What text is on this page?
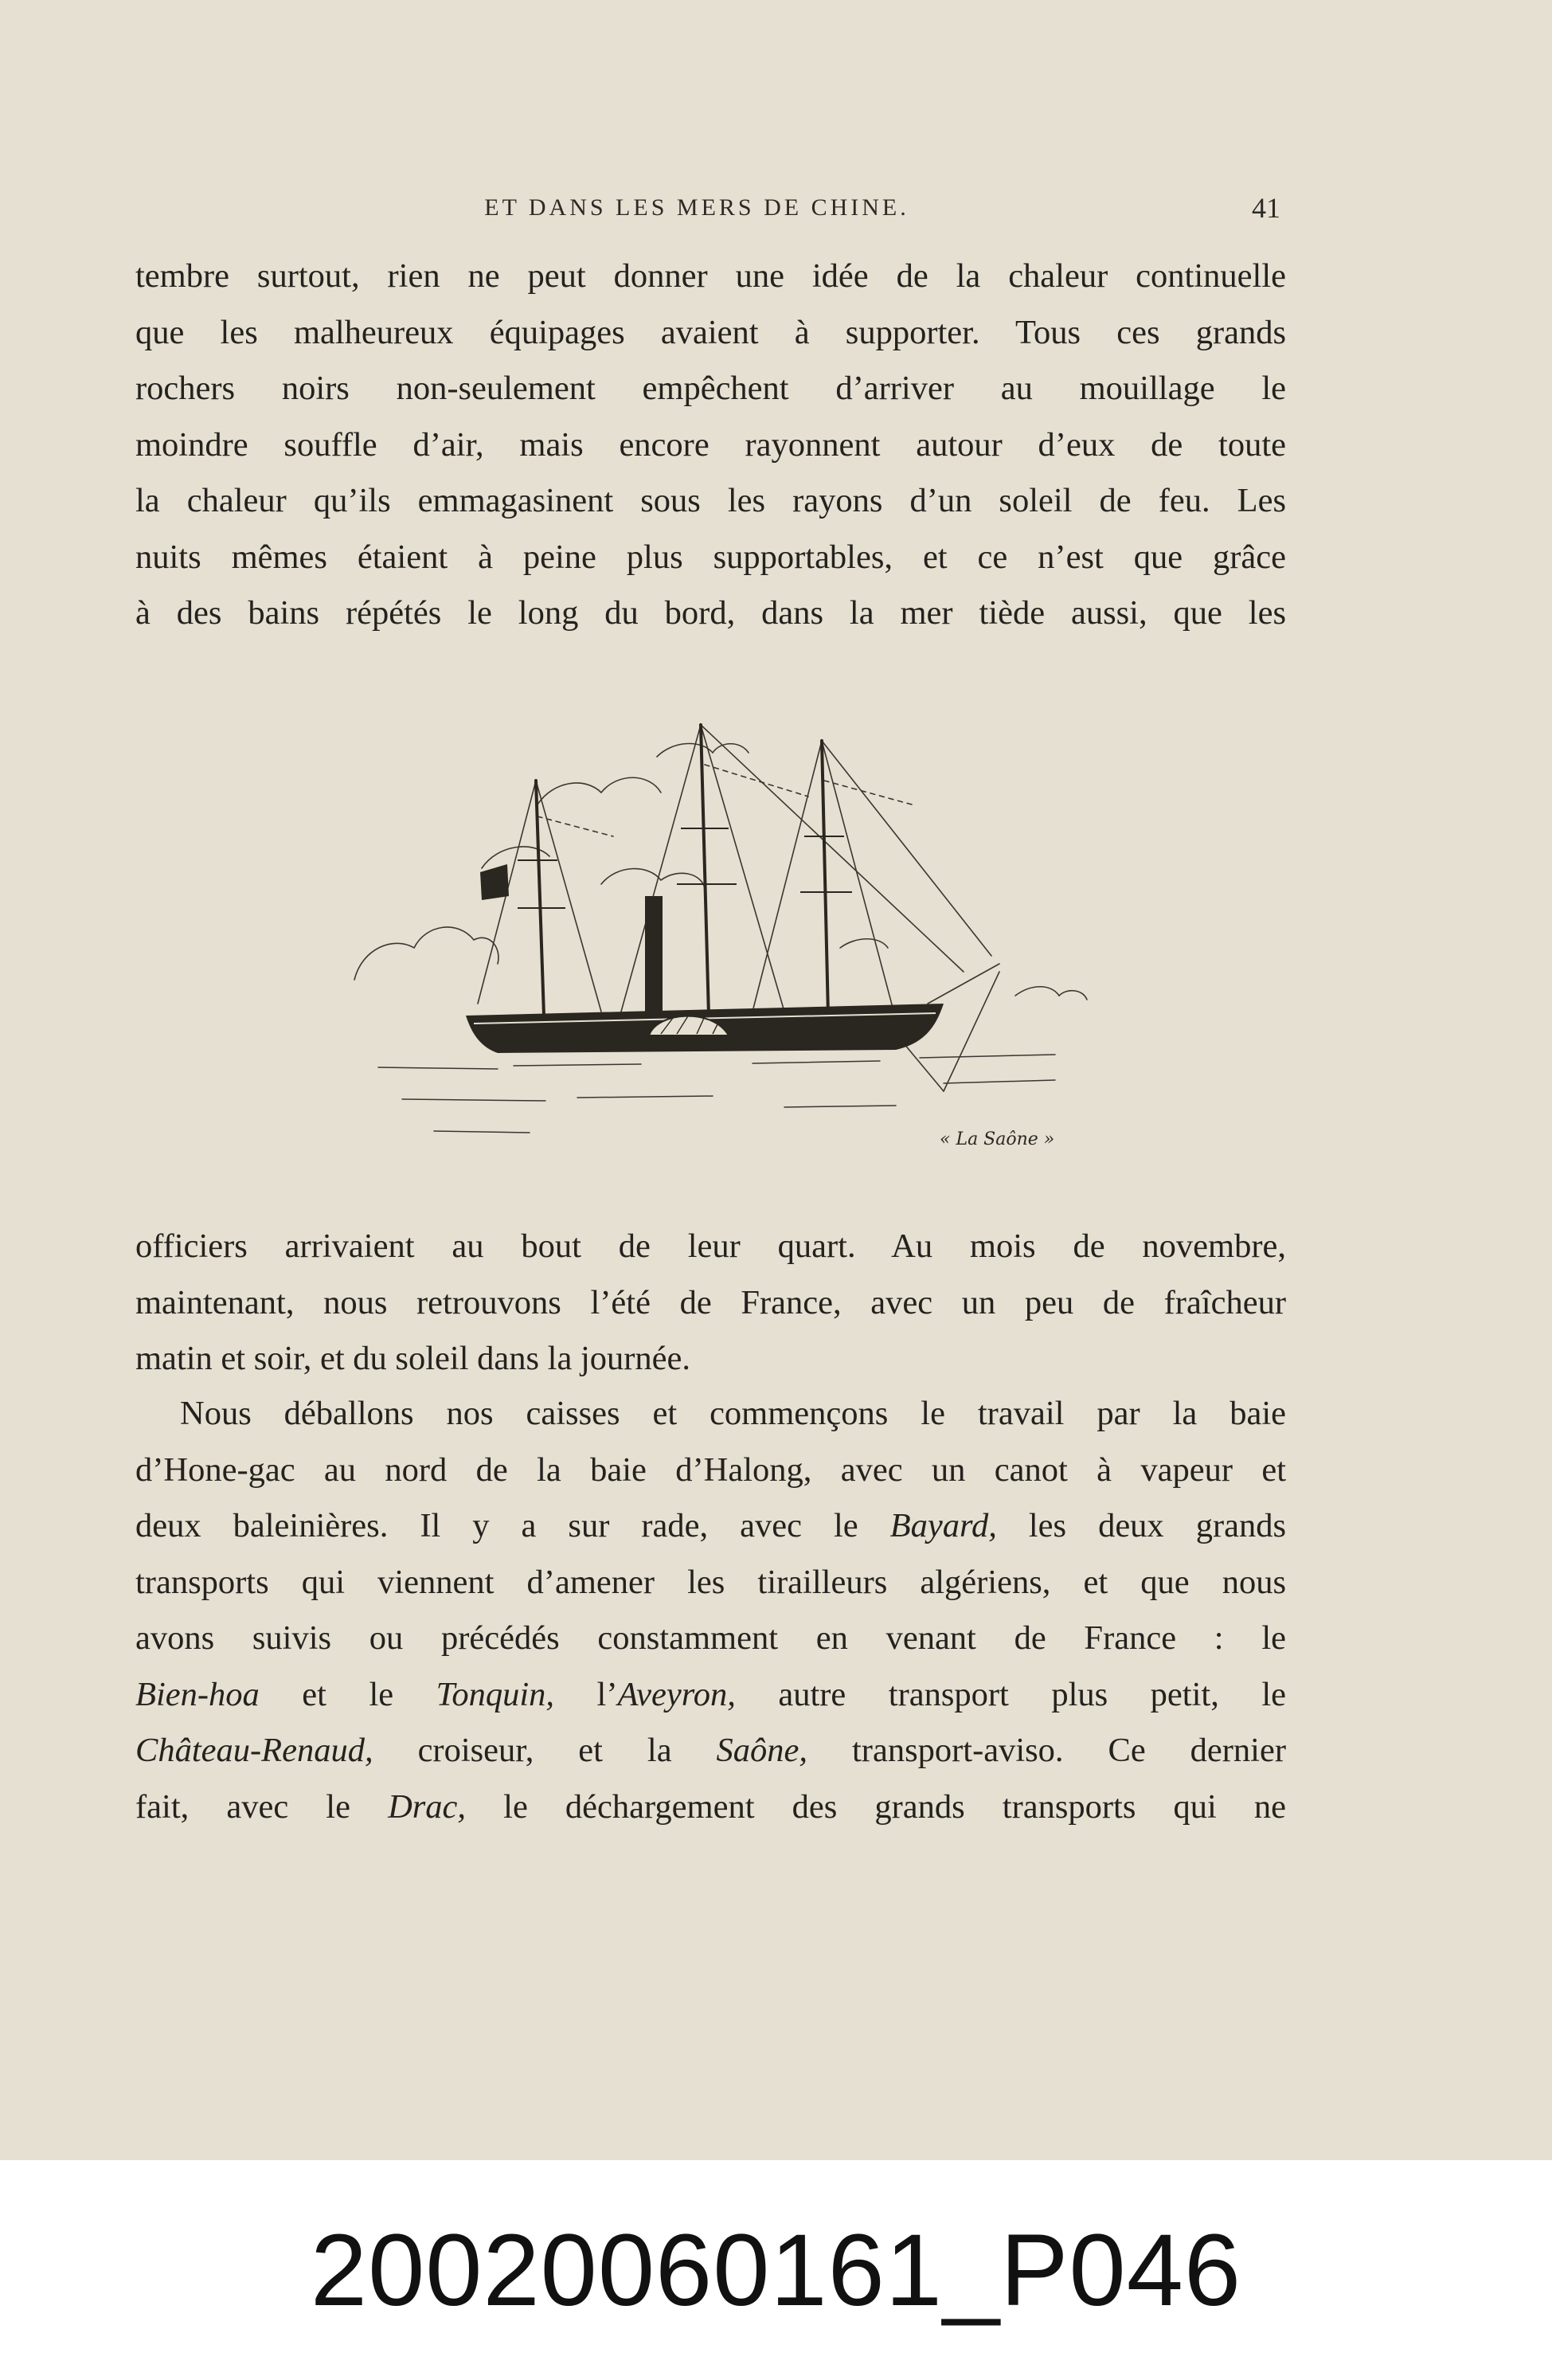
ET DANS LES MERS DE CHINE.	41
tembre surtout, rien ne peut donner une idée de la chaleur continuelle
que les malheureux équipages avaient à supporter. Tous ces grands
rochers noirs non-seulement empêchent d’arriver au mouillage le
moindre souffle d’air, mais encore rayonnent autour d’eux de toute
la chaleur qu’ils emmagasinent sous les rayons d’un soleil de feu. Les
nuits mêmes étaient à peine plus supportables, et ce n’est que grâce
à des bains répétés le long du bord, dans la mer tiède aussi, que les
« La Saône »
officiers arrivaient au bout de leur quart. Au mois de novembre,
maintenant, nous retrouvons l’été de France, avec un peu de fraîcheur
matin et soir, et du soleil dans la journée.
Nous déballons nos caisses et commençons le travail par la baie
d’Hone-gac au nord de la baie d’Halong, avec un canot à vapeur et
deux baleinières. Il y a sur rade, avec le Bayard, les deux grands
transports qui viennent d’amener les tirailleurs algériens, et que nous
avons suivis ou précédés constamment en venant de France : le
Bien-hoa et le Tonquin, l’Aveyron, autre transport plus petit, le
Château-Renaud, croiseur, et la Saône, transport-aviso. Ce dernier
fait, avec le Drac, le déchargement des grands transports qui ne
20020060161_P046
